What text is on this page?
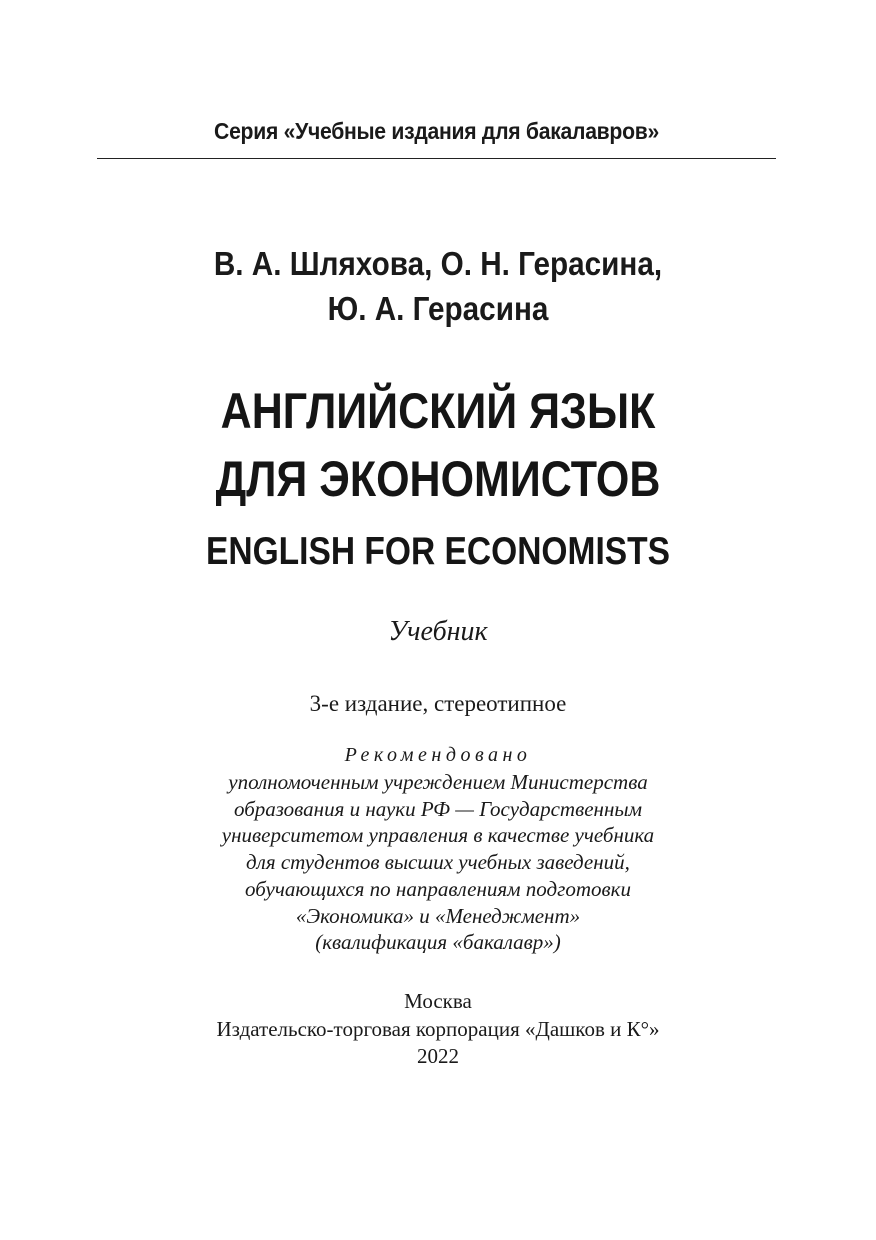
Серия «Учебные издания для бакалавров»
В. А. Шляхова, О. Н. Герасина,
Ю. А. Герасина
АНГЛИЙСКИЙ ЯЗЫК
ДЛЯ ЭКОНОМИСТОВ
ENGLISH FOR ECONOMISTS
Учебник
3-е издание, стереотипное
Рекомендовано
уполномоченным учреждением Министерства
образования и науки РФ — Государственным
университетом управления в качестве учебника
для студентов высших учебных заведений,
обучающихся по направлениям подготовки
«Экономика» и «Менеджмент»
(квалификация «бакалавр»)
Москва
Издательско-торговая корпорация «Дашков и К°»
2022
